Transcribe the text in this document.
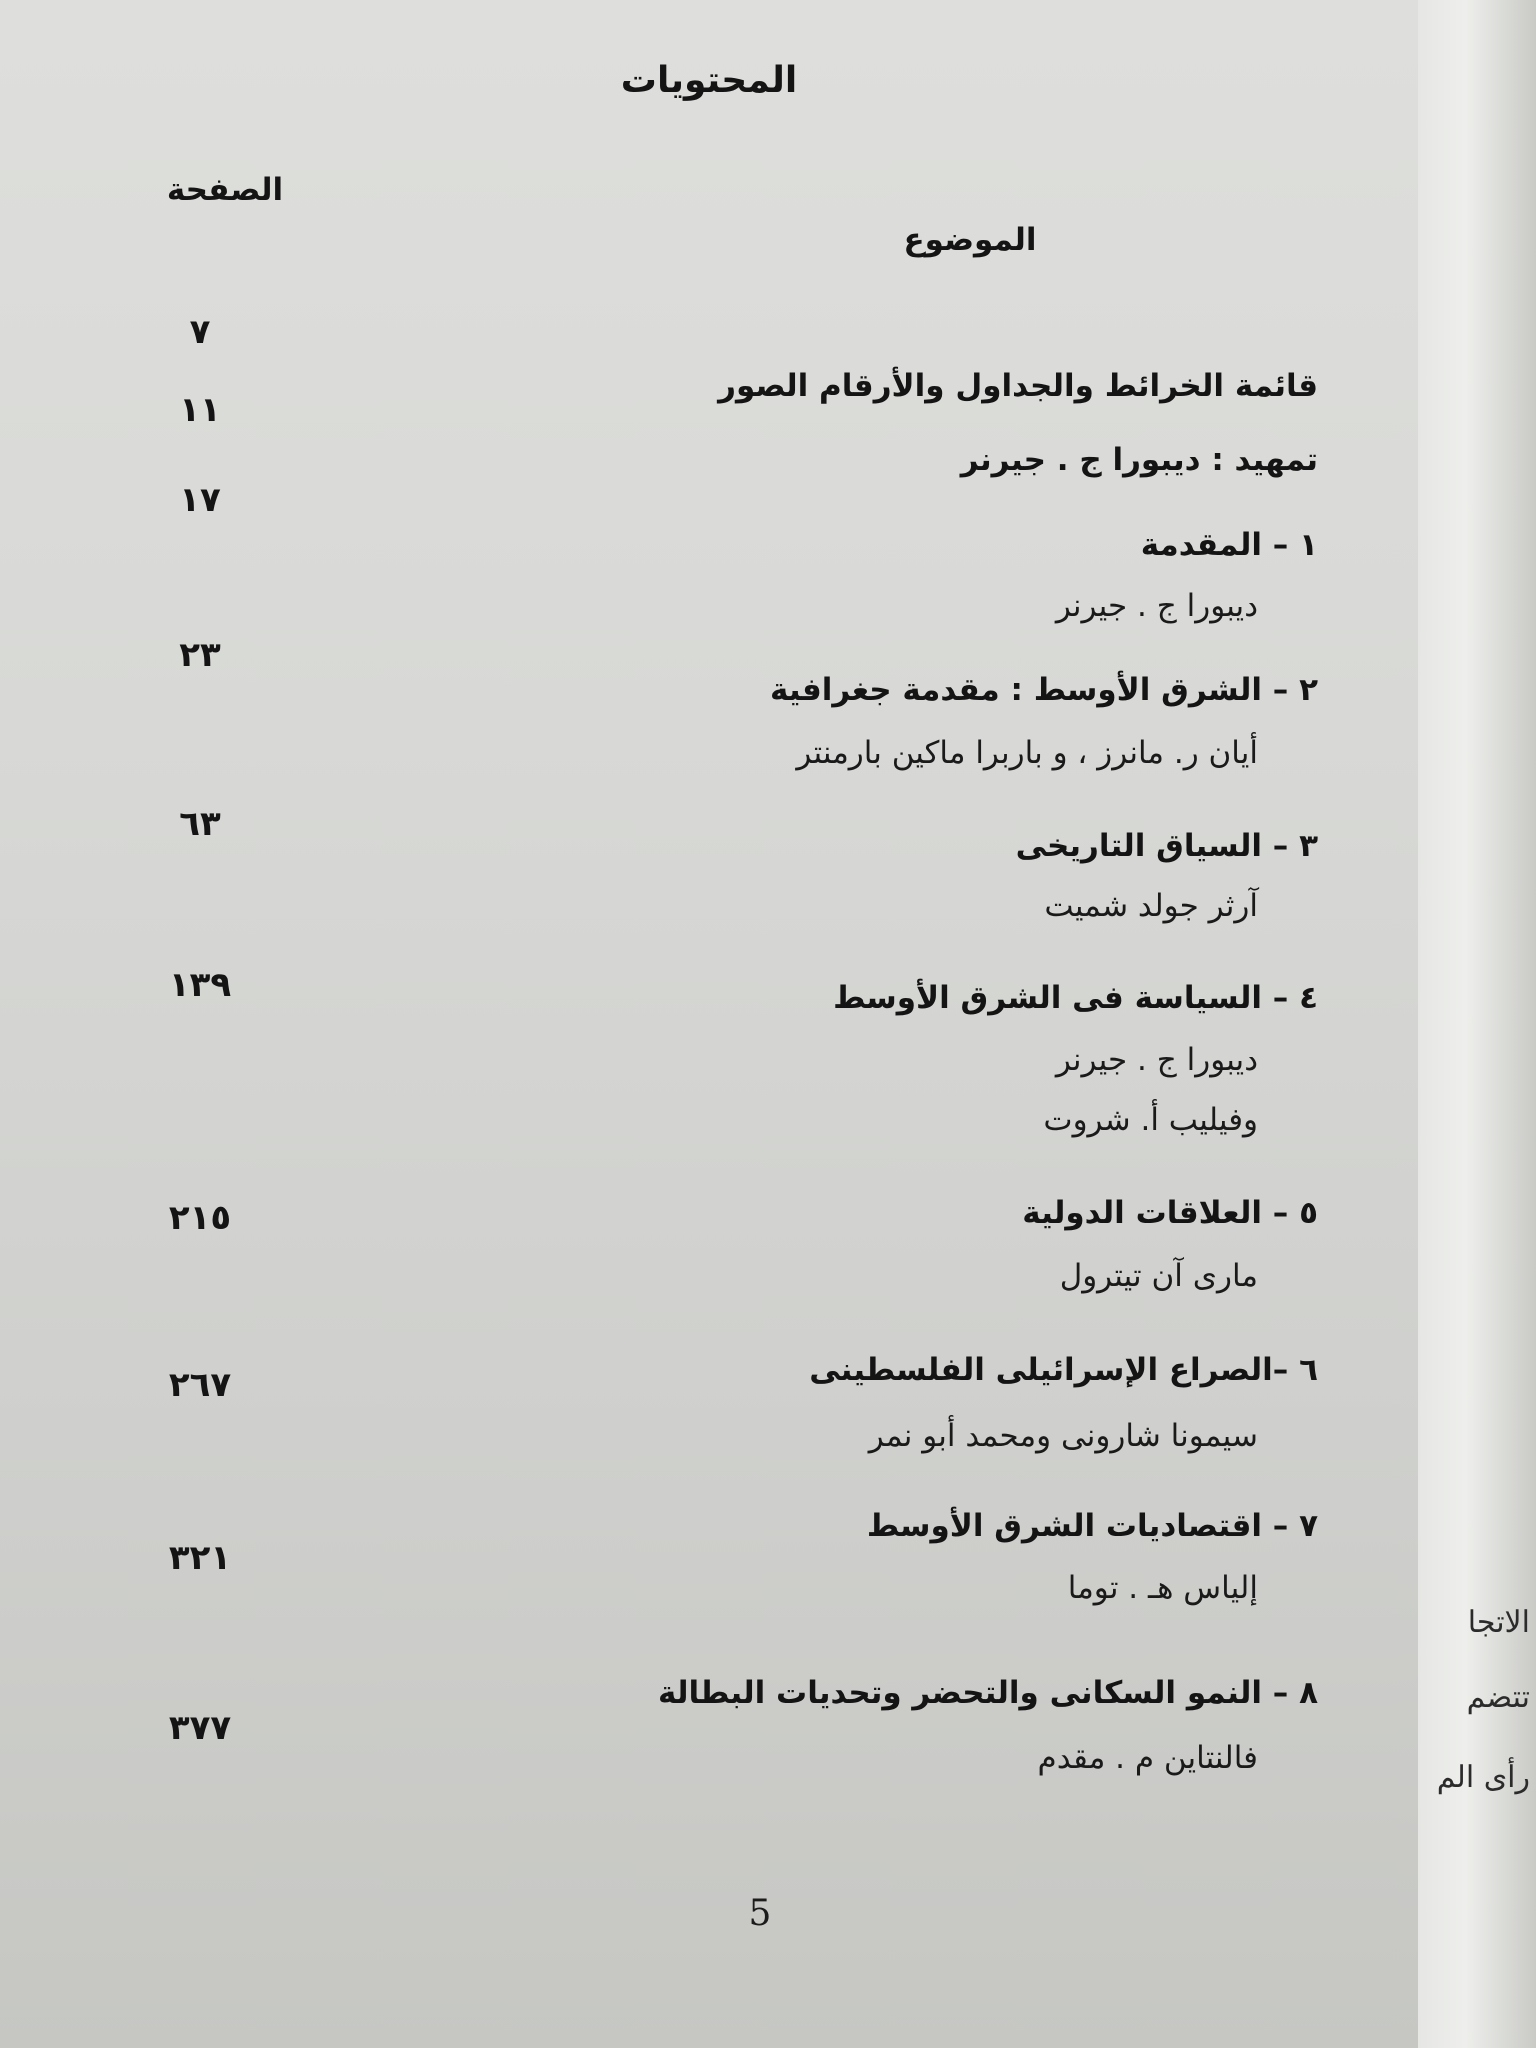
المحتويات
الصفحة
الموضوع
قائمة الخرائط والجداول والأرقام الصور
٧
تمهيد : ديبورا ج . جيرنر
١١
١ – المقدمة
ديبورا ج . جيرنر
١٧
٢ – الشرق الأوسط : مقدمة جغرافية
أيان ر. مانرز ، و باربرا ماكين بارمنتر
٢٣
٣ – السياق التاريخى
آرثر جولد شميت
٦٣
٤ – السياسة فى الشرق الأوسط
ديبورا ج . جيرنر
وفيليب أ. شروت
١٣٩
٥ – العلاقات الدولية
مارى آن تيترول
٢١٥
٦ –الصراع الإسرائيلى الفلسطينى
سيمونا شارونى ومحمد أبو نمر
٢٦٧
٧ – اقتصاديات الشرق الأوسط
إلياس هـ . توما
٣٢١
٨ – النمو السكانى والتحضر وتحديات البطالة
فالنتاين م . مقدم
٣٧٧
5
الاتجا
تتضم
رأى الم
